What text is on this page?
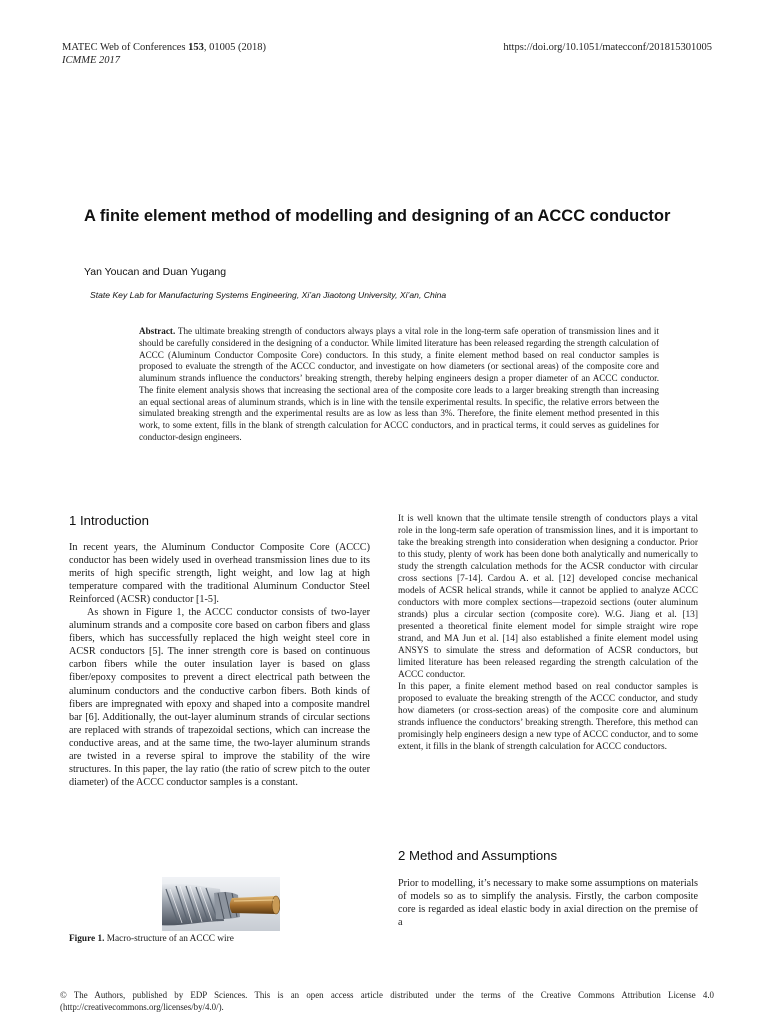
MATEC Web of Conferences 153, 01005 (2018)
ICMME 2017
https://doi.org/10.1051/matecconf/201815301005
A finite element method of modelling and designing of an ACCC conductor
Yan Youcan and Duan Yugang
State Key Lab for Manufacturing Systems Engineering, Xi’an Jiaotong University, Xi’an, China
Abstract. The ultimate breaking strength of conductors always plays a vital role in the long-term safe operation of transmission lines and it should be carefully considered in the designing of a conductor. While limited literature has been released regarding the strength calculation of ACCC (Aluminum Conductor Composite Core) conductors. In this study, a finite element method based on real conductor samples is proposed to evaluate the strength of the ACCC conductor, and investigate on how diameters (or sectional areas) of the composite core and aluminum strands influence the conductors’ breaking strength, thereby helping engineers design a proper diameter of an ACCC conductor. The finite element analysis shows that increasing the sectional area of the composite core leads to a larger breaking strength than increasing an equal sectional areas of aluminum strands, which is in line with the tensile experimental results. In specific, the relative errors between the simulated breaking strength and the experimental results are as low as less than 3%. Therefore, the finite element method presented in this work, to some extent, fills in the blank of strength calculation for ACCC conductors, and in practical terms, it could serves as guidelines for conductor-design engineers.
1 Introduction

In recent years, the Aluminum Conductor Composite Core (ACCC) conductor has been widely used in overhead transmission lines due to its merits of high specific strength, light weight, and low lag at high temperature compared with the traditional Aluminum Conductor Steel Reinforced (ACSR) conductor [1-5].

As shown in Figure 1, the ACCC conductor consists of two-layer aluminum strands and a composite core based on carbon fibers and glass fibers, which has successfully replaced the high weight steel core in ACSR conductors [5]. The inner strength core is based on continuous carbon fibers while the outer insulation layer is based on glass fiber/epoxy composites to prevent a direct electrical path between the aluminum conductors and the conductive carbon fibers. Both kinds of fibers are impregnated with epoxy and shaped into a composite mandrel bar [6]. Additionally, the out-layer aluminum strands of circular sections are replaced with strands of trapezoidal sections, which can increase the conductive areas, and at the same time, the two-layer aluminum strands are twisted in a reverse spiral to improve the stability of the wire structures. In this paper, the lay ratio (the ratio of screw pitch to the outer diameter) of the ACCC conductor samples is a constant.

Figure 1. Macro-structure of an ACCC wire

It is well known that the ultimate tensile strength of conductors plays a vital role in the long-term safe operation of transmission lines, and it is important to take the breaking strength into consideration when designing a conductor. Prior to this study, plenty of work has been done both analytically and numerically to study the strength calculation methods for the ACSR conductor with circular cross sections [7-14]. Cardou A. et al. [12] developed concise mechanical models of ACSR helical strands, while it cannot be applied to analyze ACCC conductors with more complex sections—trapezoid sections (outer aluminum strands) plus a circular section (composite core). W.G. Jiang et al. [13] presented a theoretical finite element model for simple straight wire rope strand, and MA Jun et al. [14] also established a finite element model using ANSYS to simulate the stress and deformation of ACSR conductors, but limited literature has been released regarding the strength calculation of the ACCC conductor.

In this paper, a finite element method based on real conductor samples is proposed to evaluate the breaking strength of the ACCC conductor, and study how diameters (or cross-section areas) of the composite core and aluminum strands influence the conductors’ breaking strength. Therefore, this method can promisingly help engineers design a new type of ACCC conductor, and to some extent, it fills in the blank of strength calculation for ACCC conductors.

2 Method and Assumptions

Prior to modelling, it’s necessary to make some assumptions on materials of models so as to simplify the analysis. Firstly, the carbon composite core is regarded as ideal elastic body in axial direction on the premise of a

© The Authors, published by EDP Sciences. This is an open access article distributed under the terms of the Creative Commons Attribution License 4.0 (http://creativecommons.org/licenses/by/4.0/).
